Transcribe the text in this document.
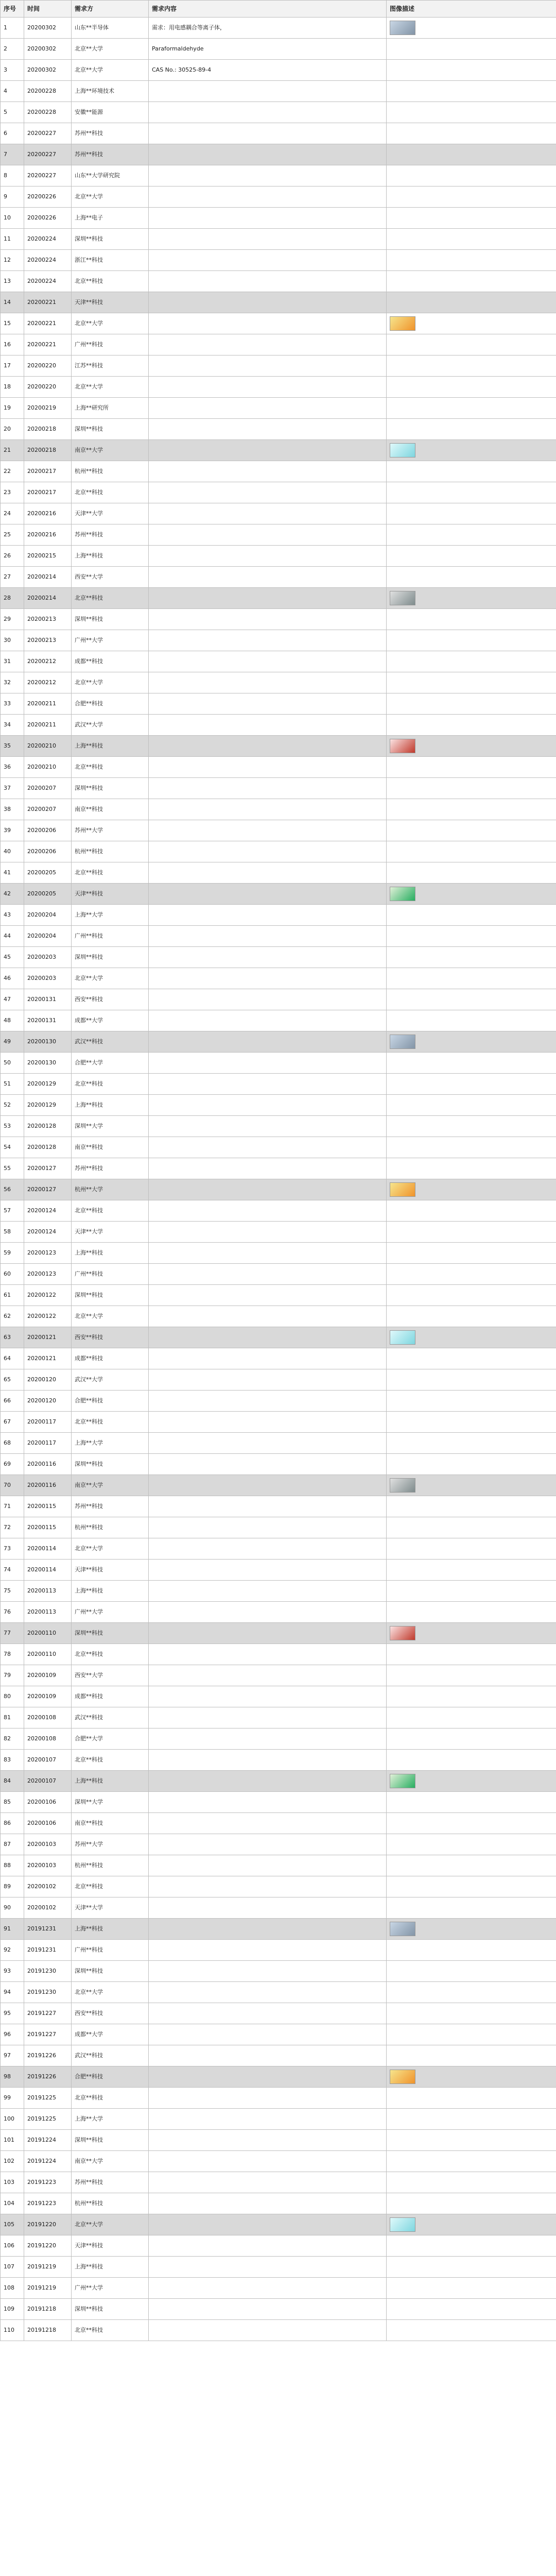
序号	时间	需求方	需求内容	图像描述
1	20200302	山东**半导体	需求：用电感耦合等离子体，	
2	20200302	北京**大学	Paraformaldehyde	
3	20200302	北京**大学	CAS No.: 30525-89-4	
4	20200228	上海**环境技术		
5	20200228	安徽**能源		
6	20200227	苏州**科技		
7	20200227	苏州**科技		
8	20200227	山东**大学研究院		
9	20200226	北京**大学		
10	20200226	上海**电子		
11	20200224	深圳**科技		
12	20200224	浙江**科技		
13	20200224	北京**科技		
14	20200221	天津**科技		
15	20200221	北京**大学		
16	20200221	广州**科技		
17	20200220	江苏**科技		
18	20200220	北京**大学		
19	20200219	上海**研究所		
20	20200218	深圳**科技		
21	20200218	南京**大学		
22	20200217	杭州**科技		
23	20200217	北京**科技		
24	20200216	天津**大学		
25	20200216	苏州**科技		
26	20200215	上海**科技		
27	20200214	西安**大学		
28	20200214	北京**科技		
29	20200213	深圳**科技		
30	20200213	广州**大学		
31	20200212	成都**科技		
32	20200212	北京**大学		
33	20200211	合肥**科技		
34	20200211	武汉**大学		
35	20200210	上海**科技		
36	20200210	北京**科技		
37	20200207	深圳**科技		
38	20200207	南京**科技		
39	20200206	苏州**大学		
40	20200206	杭州**科技		
41	20200205	北京**科技		
42	20200205	天津**科技		
43	20200204	上海**大学		
44	20200204	广州**科技		
45	20200203	深圳**科技		
46	20200203	北京**大学		
47	20200131	西安**科技		
48	20200131	成都**大学		
49	20200130	武汉**科技		
50	20200130	合肥**大学		
51	20200129	北京**科技		
52	20200129	上海**科技		
53	20200128	深圳**大学		
54	20200128	南京**科技		
55	20200127	苏州**科技		
56	20200127	杭州**大学		
57	20200124	北京**科技		
58	20200124	天津**大学		
59	20200123	上海**科技		
60	20200123	广州**科技		
61	20200122	深圳**科技		
62	20200122	北京**大学		
63	20200121	西安**科技		
64	20200121	成都**科技		
65	20200120	武汉**大学		
66	20200120	合肥**科技		
67	20200117	北京**科技		
68	20200117	上海**大学		
69	20200116	深圳**科技		
70	20200116	南京**大学		
71	20200115	苏州**科技		
72	20200115	杭州**科技		
73	20200114	北京**大学		
74	20200114	天津**科技		
75	20200113	上海**科技		
76	20200113	广州**大学		
77	20200110	深圳**科技		
78	20200110	北京**科技		
79	20200109	西安**大学		
80	20200109	成都**科技		
81	20200108	武汉**科技		
82	20200108	合肥**大学		
83	20200107	北京**科技		
84	20200107	上海**科技		
85	20200106	深圳**大学		
86	20200106	南京**科技		
87	20200103	苏州**大学		
88	20200103	杭州**科技		
89	20200102	北京**科技		
90	20200102	天津**大学		
91	20191231	上海**科技		
92	20191231	广州**科技		
93	20191230	深圳**科技		
94	20191230	北京**大学		
95	20191227	西安**科技		
96	20191227	成都**大学		
97	20191226	武汉**科技		
98	20191226	合肥**科技		
99	20191225	北京**科技		
100	20191225	上海**大学		
101	20191224	深圳**科技		
102	20191224	南京**大学		
103	20191223	苏州**科技		
104	20191223	杭州**科技		
105	20191220	北京**大学		
106	20191220	天津**科技		
107	20191219	上海**科技		
108	20191219	广州**大学		
109	20191218	深圳**科技		
110	20191218	北京**科技		
